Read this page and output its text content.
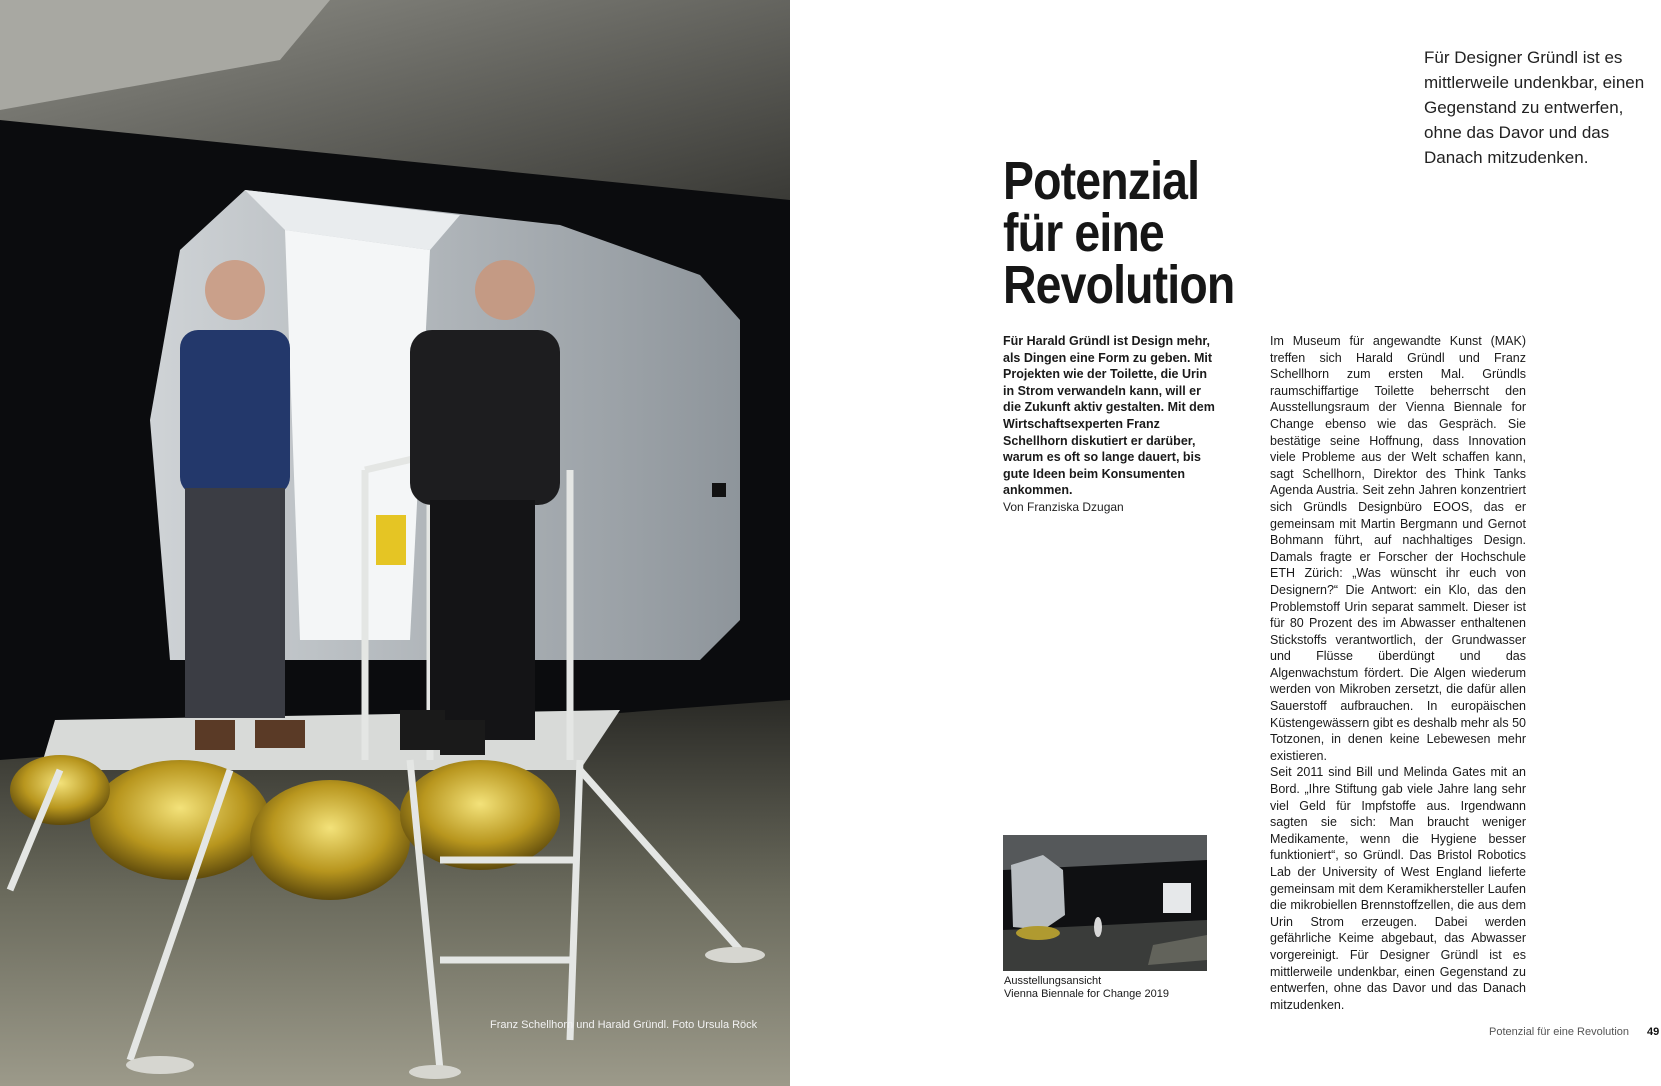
Franz Schellhorn und Harald Gründl. Foto Ursula Röck
Für Designer Gründl ist es mittlerweile undenkbar, einen Gegenstand zu entwerfen, ohne das Davor und das Danach mitzudenken.
Potenzial
für eine
Revolution

Für Harald Gründl ist Design mehr, als Dingen eine Form zu geben. Mit Projekten wie der Toilette, die Urin in Strom verwandeln kann, will er die Zukunft aktiv gestalten. Mit dem Wirtschaftsexperten Franz Schellhorn diskutiert er darüber, warum es oft so lange dauert, bis gute Ideen beim Konsumenten ankommen.

Von Franziska Dzugan

Im Museum für angewandte Kunst (MAK) treffen sich Harald Gründl und Franz Schellhorn zum ersten Mal. Gründls raumschiffartige Toilette beherrscht den Ausstellungsraum der Vienna Biennale for Change ebenso wie das Gespräch. Sie bestätige seine Hoffnung, dass Innovation viele Probleme aus der Welt schaffen kann, sagt Schellhorn, Direktor des Think Tanks Agenda Austria. Seit zehn Jahren konzentriert sich Gründls Designbüro EOOS, das er gemeinsam mit Martin Bergmann und Gernot Bohmann führt, auf nachhaltiges Design. Damals fragte er Forscher der Hochschule ETH Zürich: „Was wünscht ihr euch von Designern?“ Die Antwort: ein Klo, das den Problemstoff Urin separat sammelt. Dieser ist für 80 Prozent des im Abwasser enthaltenen Stickstoffs verantwortlich, der Grundwasser und Flüsse überdüngt und das Algenwachstum fördert. Die Algen wiederum werden von Mikroben zersetzt, die dafür allen Sauerstoff aufbrauchen. In europäischen Küstengewässern gibt es deshalb mehr als 50 Totzonen, in denen keine Lebewesen mehr existieren.

Seit 2011 sind Bill und Melinda Gates mit an Bord. „Ihre Stiftung gab viele Jahre lang sehr viel Geld für Impfstoffe aus. Irgendwann sagten sie sich: Man braucht weniger Medikamente, wenn die Hygiene besser funktioniert“, so Gründl. Das Bristol Robotics Lab der University of West England lieferte gemeinsam mit dem Keramikhersteller Laufen die mikrobiellen Brennstoffzellen, die aus dem Urin Strom erzeugen. Dabei werden gefährliche Keime abgebaut, das Abwasser vorgereinigt. Für Designer Gründl ist es mittlerweile undenkbar, einen Gegenstand zu entwerfen, ohne das Davor und das Danach mitzudenken.

Ausstellungsansicht
Vienna Biennale for Change 2019
Potenzial für eine Revolution 49
